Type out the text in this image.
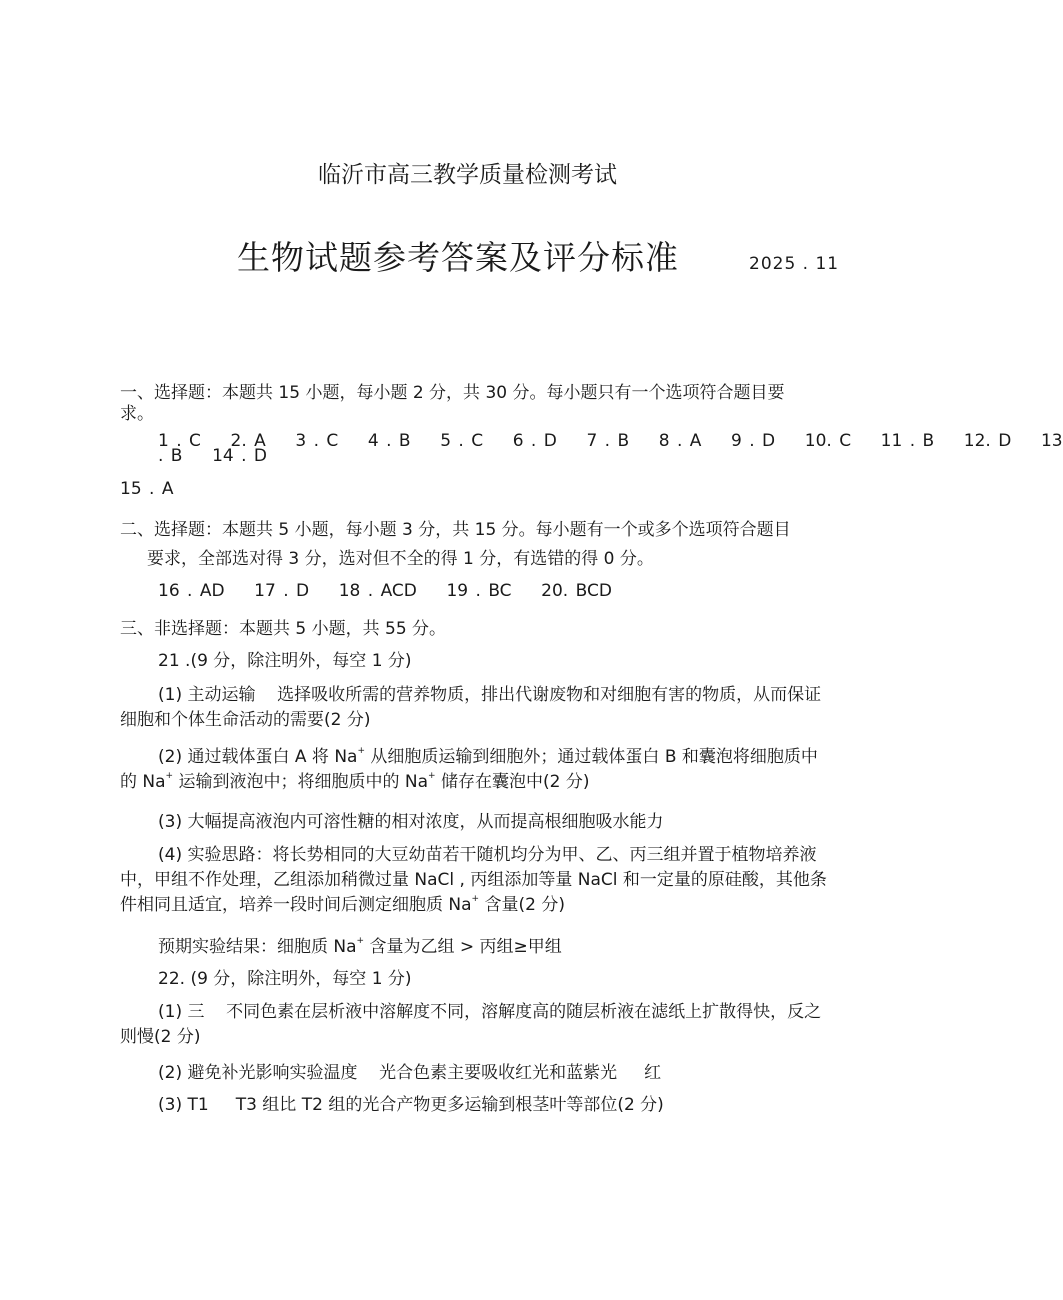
临沂市高三教学质量检测考试
生物试题参考答案及评分标准	2025 . 11
一、选择题：本题共 15 小题，每小题 2 分，共 30 分。每小题只有一个选项符合题目要
求。
1 . C    2. A    3 . C    4 . B    5 . C    6 . D    7 . B    8 . A    9 . D    10. C    11 . B    12. D    13
. B    14 . D
15 . A
二、选择题：本题共 5 小题，每小题 3 分，共 15 分。每小题有一个或多个选项符合题目
要求，全部选对得 3 分，选对但不全的得 1 分，有选错的得 0 分。
16 . AD    17 . D    18 . ACD    19 . BC    20. BCD
三、非选择题：本题共 5 小题，共 55 分。
21 .(9 分，除注明外，每空 1 分)
(1) 主动运输    选择吸收所需的营养物质，排出代谢废物和对细胞有害的物质，从而保证细胞和个体生命活动的需要(2 分)
(2) 通过载体蛋白 A 将 Na+ 从细胞质运输到细胞外；通过载体蛋白 B 和囊泡将细胞质中的 Na+ 运输到液泡中；将细胞质中的 Na+ 储存在囊泡中(2 分)
(3) 大幅提高液泡内可溶性糖的相对浓度，从而提高根细胞吸水能力
(4) 实验思路：将长势相同的大豆幼苗若干随机均分为甲、乙、丙三组并置于植物培养液中，甲组不作处理，乙组添加稍微过量 NaCl , 丙组添加等量 NaCl 和一定量的原硅酸，其他条件相同且适宜，培养一段时间后测定细胞质 Na+ 含量(2 分)
预期实验结果：细胞质 Na+ 含量为乙组 > 丙组≥甲组
22. (9 分，除注明外，每空 1 分)
(1) 三    不同色素在层析液中溶解度不同，溶解度高的随层析液在滤纸上扩散得快，反之则慢(2 分)
(2) 避免补光影响实验温度    光合色素主要吸收红光和蓝紫光     红
(3) T1     T3 组比 T2 组的光合产物更多运输到根茎叶等部位(2 分)
